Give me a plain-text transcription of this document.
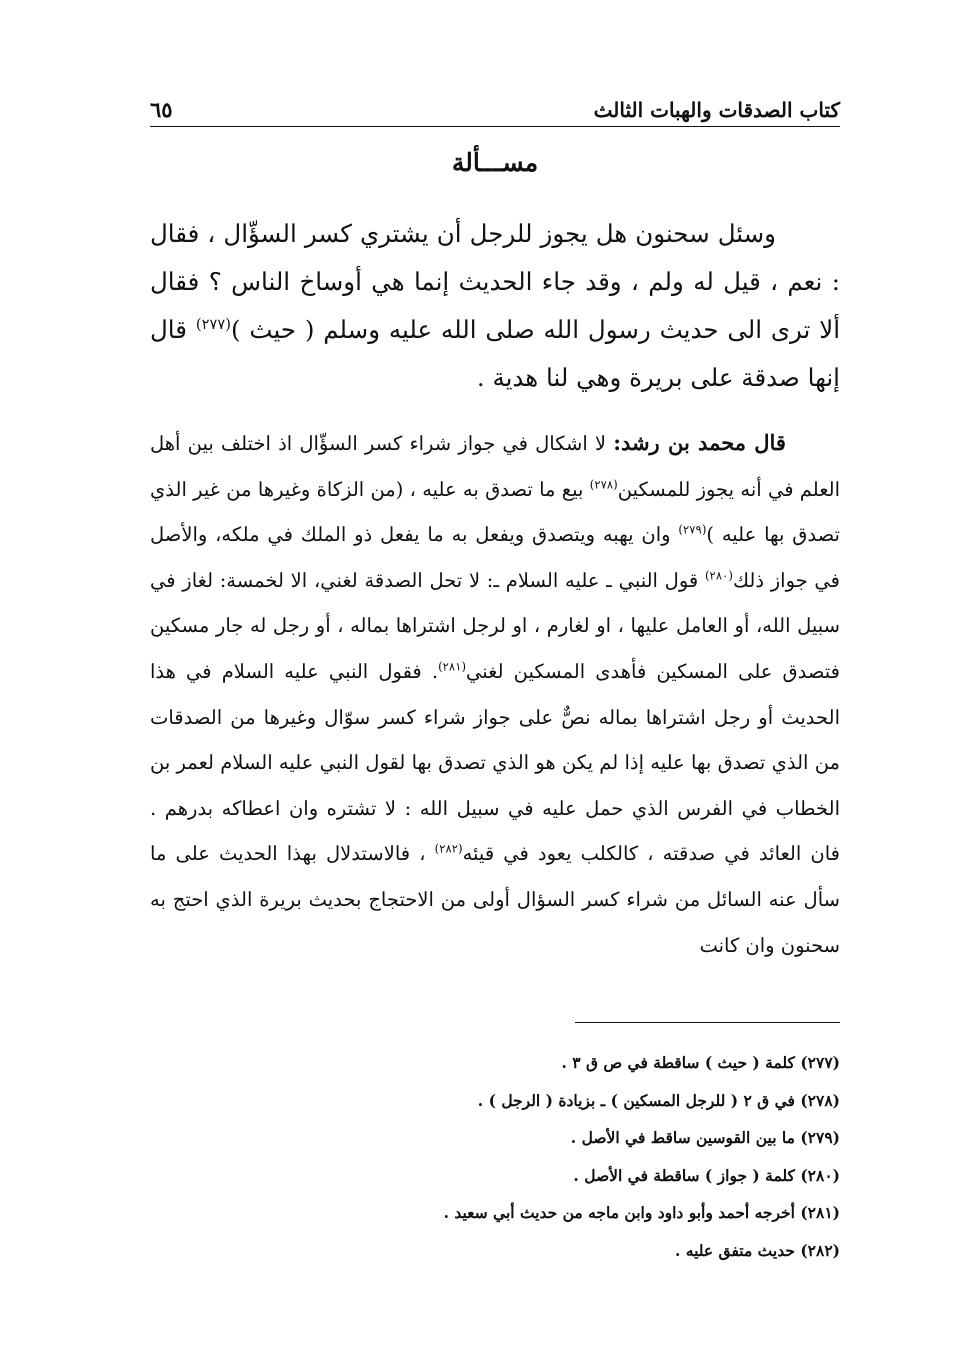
كتاب الصدقات والهبات الثالث
٦٥
مســـألة
وسئل سحنون هل يجوز للرجل أن يشتري كسر السؤّال ، فقال : نعم ، قيل له ولم ، وقد جاء الحديث إنما هي أوساخ الناس ؟ فقال ألا ترى الى حديث رسول الله صلى الله عليه وسلم ( حيث )$^{(٢٧٧)}$ قال إنها صدقة على بريرة وهي لنا هدية .
قال محمد بن رشد: لا اشكال في جواز شراء كسر السؤّال اذ اختلف بين أهل العلم في أنه يجوز للمسكين$^{(٢٧٨)}$ بيع ما تصدق به عليه ، (من الزكاة وغيرها من غير الذي تصدق بها عليه )$^{(٢٧٩)}$ وان يهبه ويتصدق ويفعل به ما يفعل ذو الملك في ملكه، والأصل في جواز ذلك$^{(٢٨٠)}$ قول النبي ـ عليه السلام ـ: لا تحل الصدقة لغني، الا لخمسة: لغاز في سبيل الله، أو العامل عليها ، او لغارم ، او لرجل اشتراها بماله ، أو رجل له جار مسكين فتصدق على المسكين فأهدى المسكين لغني$^{(٢٨١)}$. فقول النبي عليه السلام في هذا الحديث أو رجل اشتراها بماله نصٌّ على جواز شراء كسر سوّال وغيرها من الصدقات من الذي تصدق بها عليه إذا لم يكن هو الذي تصدق بها لقول النبي عليه السلام لعمر بن الخطاب في الفرس الذي حمل عليه في سبيل الله : لا تشتره وان اعطاكه بدرهم . فان العائد في صدقته ، كالكلب يعود في قيئه$^{(٢٨٢)}$ ، فالاستدلال بهذا الحديث على ما سأل عنه السائل من شراء كسر السؤال أولى من الاحتجاج بحديث بريرة الذي احتج به سحنون وان كانت
(٢٧٧) كلمة ( حيث ) ساقطة في ص ق ٣ .
(٢٧٨) في ق ٢ ( للرجل المسكين ) ـ بزيادة ( الرجل ) .
(٢٧٩) ما بين القوسين ساقط في الأصل .
(٢٨٠) كلمة ( جواز ) ساقطة في الأصل .
(٢٨١) أخرجه أحمد وأبو داود وابن ماجه من حديث أبي سعيد .
(٢٨٢) حديث متفق عليه .
